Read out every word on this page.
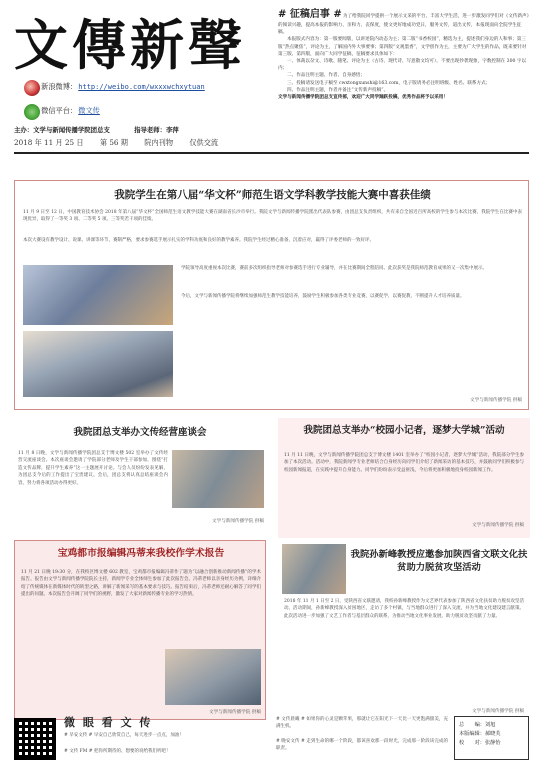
文傳新聲
新浪微博： http://weibo.com/wxxxwchxytuan
微信平台： 微文传
主办：文学与新闻传播学院团总支	指导老师：李萍
2018 年 11 月 25 日 第 56 期 院内刊物 仅供交流
# 征稿启事 # 为了给我院同学提供一个展示文采的平台，丰富大学生活，进一步激发同学们对《文传新声》的阅读兴趣，提高本报的影响力、亲和力、丧保度，使文更好地成功党日，服务文传，道出文传，本报现面向全院学生征稿。

本报版式内容为：第一版要闻版，以讲述院内动态为主；第二版“书香校园”，精选为主，提述我们身边的人和事；第三版“热点聚焦”，评论为主，了解国内外大事要事；第四版“文观墨香”，文学创作为主，主要为广大学生的作品，既来要针对第三版、第四版，面向广大同学征稿，征稿要求具体如下：

一、体裁以杂文、诗歌、随笔、评论为主（古诗、现代诗、写意散文均可），不要出现抄袭现象，字数控制在 300 字以内；

二、作品注明主题、作者、自身感悟；

三、投稿请发送电子稿至 cwxtongxunshi@163.com，电子版请务必注明班级、姓名、联系方式；

四、作品注明主题，作者并备注“文传新声投稿”。

文学与新闻传播学院团总支宣传部，欢迎广大同学踊跃投稿，优秀作品将予以采用！

我院学生在第八届“华文杯”师范生语文学科教学技能大赛中喜获佳绩
11 月 9 日至 12 日，中国教育技术协会 2018 年第八届“华文杯”全国师范生语文教学技能大赛在湖南省长沙市举行。我院文学与新闻传播学院派出代表队参赛，由团总支负责组织，共有来自全国近百所高校的学生参与本次比赛，我院学生在比赛中表现优异，取得了一等奖 3 项、二等奖 5 项、三等奖若干项的佳绩。
本次大赛设有教学设计、说课、讲课等环节，赛制严格，要求参赛选手展示扎实的学科功底和良好的教学素养。我院学生经过精心准备，沉着应对，赢得了评委老师的一致好评。
学院领导高度重视本次比赛，赛前多次组织指导老师对参赛选手进行专业辅导，并在比赛期间全程陪同。此次获奖是我院师范教育成果的又一次集中展示。
今后，文学与新闻传播学院将继续加强师范生教学技能培养，鼓励学生积极参加各类专业竞赛，以赛促学，以赛促教，不断提升人才培养质量。
文学与新闻传播学院 供稿
我院团总支举办文传经营座谈会
11 月 8 日晚，文学与新闻传播学院团总支于博文楼 502 室举办了文传经营交流座谈会。本次座谈会邀请了学院部分老师及学生干部参加，围绕“打造文传品牌，提升学生素养”这一主题展开讨论。与会人员纷纷发表见解，为团总支今后的工作提出了宝贵建议。会后，团总支将认真总结座谈会内容，努力将各项活动办得更好。
文学与新闻传播学院 供稿
我院团总支举办“校园小记者，逐梦大学城”活动
11 月 11 日晚，文学与新闻传播学院团总支于博文楼 1401 室举办了“校园小记者，逐梦大学城”活动，我院部分学生参加了本次活动。活动中，我院新闻学专业老师结合自身经历向同学们介绍了新闻采访的基本技巧，并鼓励同学们积极参与校园新闻报道，在实践中提升自身能力。同学们纷纷表示受益匪浅，今后将更加积极地投身校园新闻工作。
文学与新闻传播学院 供稿
宝鸡都市报编辑冯蒂来我校作学术报告
11 月 21 日晚 19:30 分，在我校区博文楼 602 教室，宝鸡都市报编辑冯蒂作了题为“以融合创新推动新闻传播”的学术报告。报告由文学与新闻传播学院院长主持，新闻学专业全体师生参加了此次报告会。冯蒂老师以亲身经历为例，详细介绍了传统媒体在新媒体时代的转型之路，讲解了新闻采写的基本要求与技巧。报告结束后，冯蒂老师还耐心解答了同学们提出的问题。本次报告会开阔了同学们的视野，激发了大家对新闻传播专业的学习热情。
文学与新闻传播学院 供稿
我院孙新峰教授应邀参加陕西省文联文化扶贫助力脱贫攻坚活动
2018 年 11 月 1 日至 2 日，受陕西省文联邀请，我校孙新峰教授作为文艺界代表参加了陕西省文化扶贫助力脱贫攻坚活动。活动期间，孙新峰教授深入贫困地区，走访了多个村镇，与当地群众进行了深入交流，并为当地文化建设建言献策。此次活动进一步加强了文艺工作者与基层群众的联系，为推动当地文化事业发展、助力脱贫攻坚贡献了力量。
文学与新闻传播学院 供稿
微 眼 看 文 传
# 早安文传 # 早安自己欣赏自己，每天进步一点点，加油！
# 文传 FM # 把你所期待的、想要的说给我们听吧！
# 文传晨曦 # 如果你的心灵是颗苹果，那就让它在阳光下一天比一天更饱满甜美，充满生机。
# 晚安文传 # 走到生命的哪一个阶段，都该喜欢那一段时光，完成那一阶段该完成的职责。
总　　编：刘旭
本版编辑：郝晓芙
校　　对：张静怡
